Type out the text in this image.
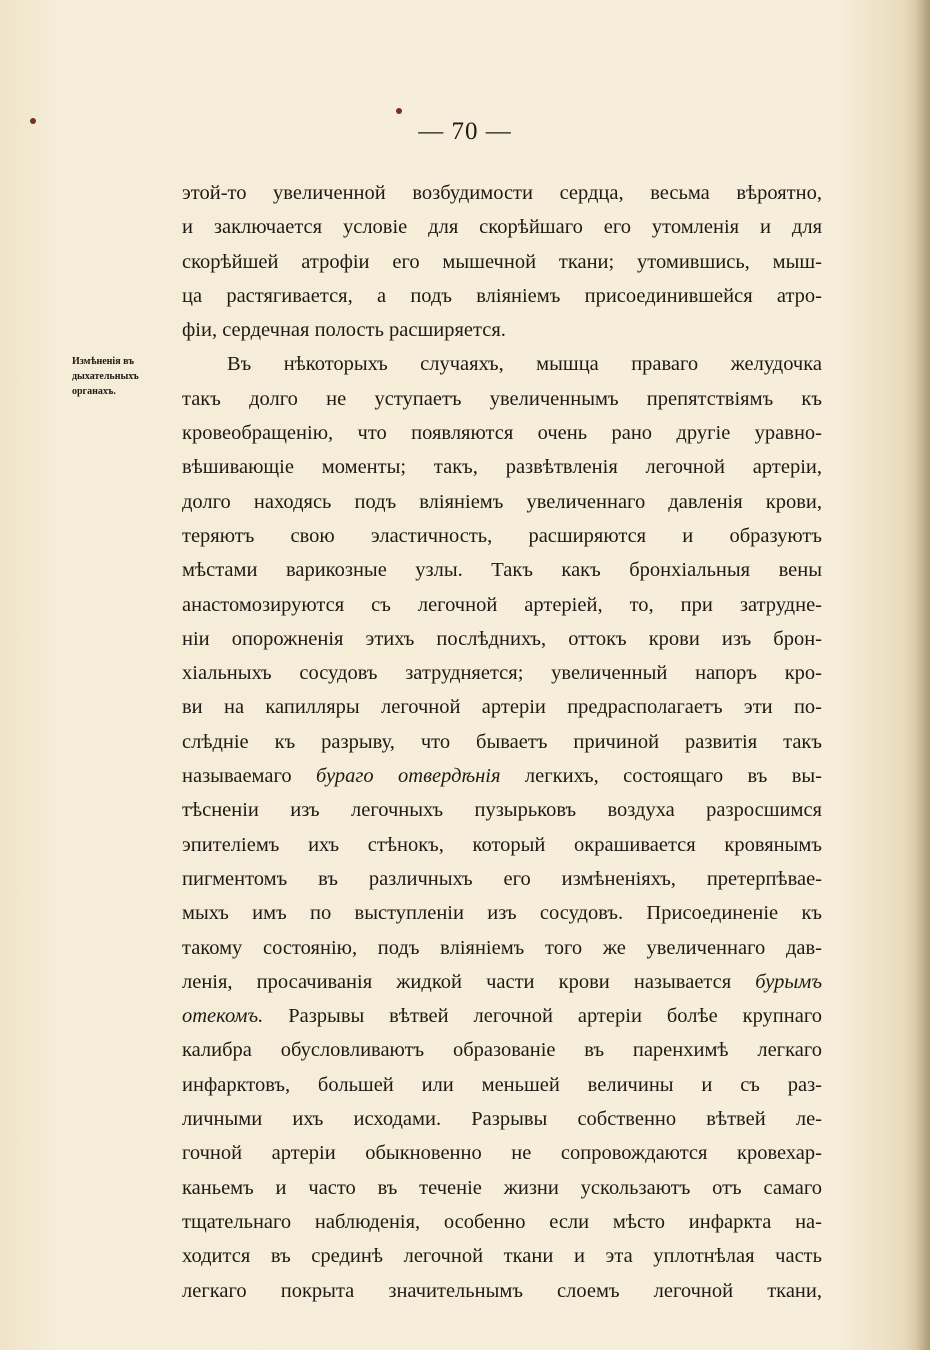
— 70 —
Измѣненія въ
дыхательныхъ
органахъ.
этой-то увеличенной возбудимости сердца, весьма вѣроятно,
и заключается условіе для скорѣйшаго его утомленія и для
скорѣйшей атрофіи его мышечной ткани; утомившись, мыш-
ца растягивается, а подъ вліяніемъ присоединившейся атро-
фіи, сердечная полость расширяется.
Въ нѣкоторыхъ случаяхъ, мышца праваго желудочка
такъ долго не уступаетъ увеличеннымъ препятствіямъ къ
кровеобращенію, что появляются очень рано другіе уравно-
вѣшивающіе моменты; такъ, развѣтвленія легочной артеріи,
долго находясь подъ вліяніемъ увеличеннаго давленія крови,
теряютъ свою эластичность, расширяются и образуютъ
мѣстами варикозные узлы. Такъ какъ бронхіальныя вены
анастомозируются съ легочной артеріей, то, при затрудне-
ніи опорожненія этихъ послѣднихъ, оттокъ крови изъ брон-
хіальныхъ сосудовъ затрудняется; увеличенный напоръ кро-
ви на капилляры легочной артеріи предрасполагаетъ эти по-
слѣдніе къ разрыву, что бываетъ причиной развитія такъ
называемаго бураго отвердѣнія легкихъ, состоящаго въ вы-
тѣсненіи изъ легочныхъ пузырьковъ воздуха разросшимся
эпителіемъ ихъ стѣнокъ, который окрашивается кровянымъ
пигментомъ въ различныхъ его измѣненіяхъ, претерпѣвае-
мыхъ имъ по выступленіи изъ сосудовъ. Присоединеніе къ
такому состоянію, подъ вліяніемъ того же увеличеннаго дав-
ленія, просачиванія жидкой части крови называется бурымъ
отекомъ. Разрывы вѣтвей легочной артеріи болѣе крупнаго
калибра обусловливаютъ образованіе въ паренхимѣ легкаго
инфарктовъ, большей или меньшей величины и съ раз-
личными ихъ исходами. Разрывы собственно вѣтвей ле-
гочной артеріи обыкновенно не сопровождаются кровехар-
каньемъ и часто въ теченіе жизни ускользаютъ отъ самаго
тщательнаго наблюденія, особенно если мѣсто инфаркта на-
ходится въ срединѣ легочной ткани и эта уплотнѣлая часть
легкаго покрыта значительнымъ слоемъ легочной ткани,
